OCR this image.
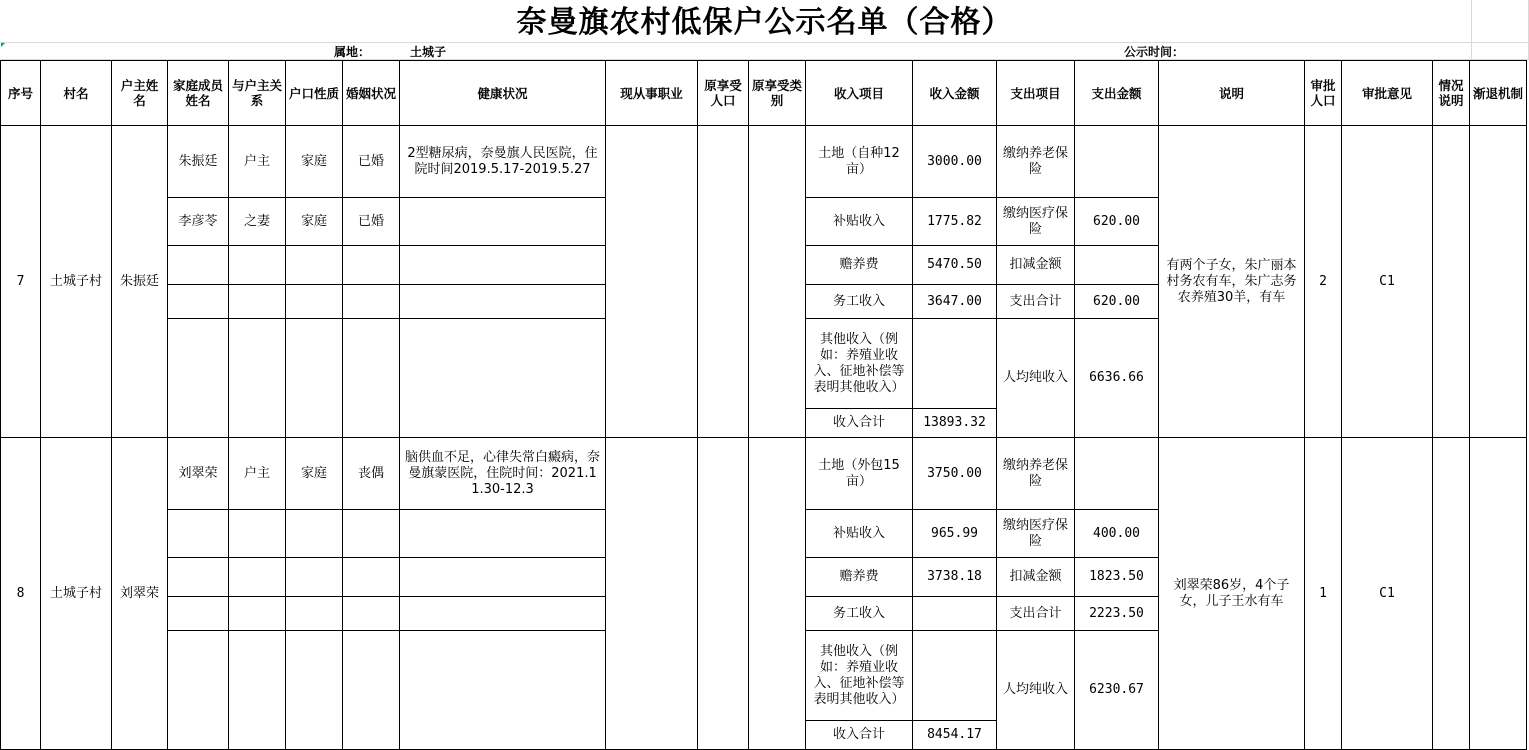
奈曼旗农村低保户公示名单（合格）
属地：	土城子	公示时间：
序号	村名	户主姓名	家庭成员姓名	与户主关系	户口性质	婚姻状况	健康状况	现从事职业	原享受人口	原享受类别	收入项目	收入金额	支出项目	支出金额	说明	审批人口	审批意见	情况说明	渐退机制
7	土城子村	朱振廷	朱振廷	户主	家庭	已婚	2型糖尿病，奈曼旗人民医院，住院时间2019.5.17-2019.5.27				土地（自种12亩）	3000.00	缴纳养老保险		有两个子女，朱广丽本村务农有车，朱广志务农养殖30羊，有车	2	C1		
			李彦苓	之妻	家庭	已婚					补贴收入	1775.82	缴纳医疗保险	620.00					
											赡养费	5470.50	扣减金额						
											务工收入	3647.00	支出合计	620.00					
											其他收入（例如：养殖业收入、征地补偿等表明其他收入）		人均纯收入	6636.66					
											收入合计	13893.32							
8	土城子村	刘翠荣	刘翠荣	户主	家庭	丧偶	脑供血不足，心律失常白癜病，奈曼旗蒙医院，住院时间：2021.11.30-12.3				土地（外包15亩）	3750.00	缴纳养老保险		刘翠荣86岁，4个子女，儿子王水有车	1	C1		
											补贴收入	965.99	缴纳医疗保险	400.00					
											赡养费	3738.18	扣减金额	1823.50					
											务工收入		支出合计	2223.50					
											其他收入（例如：养殖业收入、征地补偿等表明其他收入）		人均纯收入	6230.67					
											收入合计	8454.17							
